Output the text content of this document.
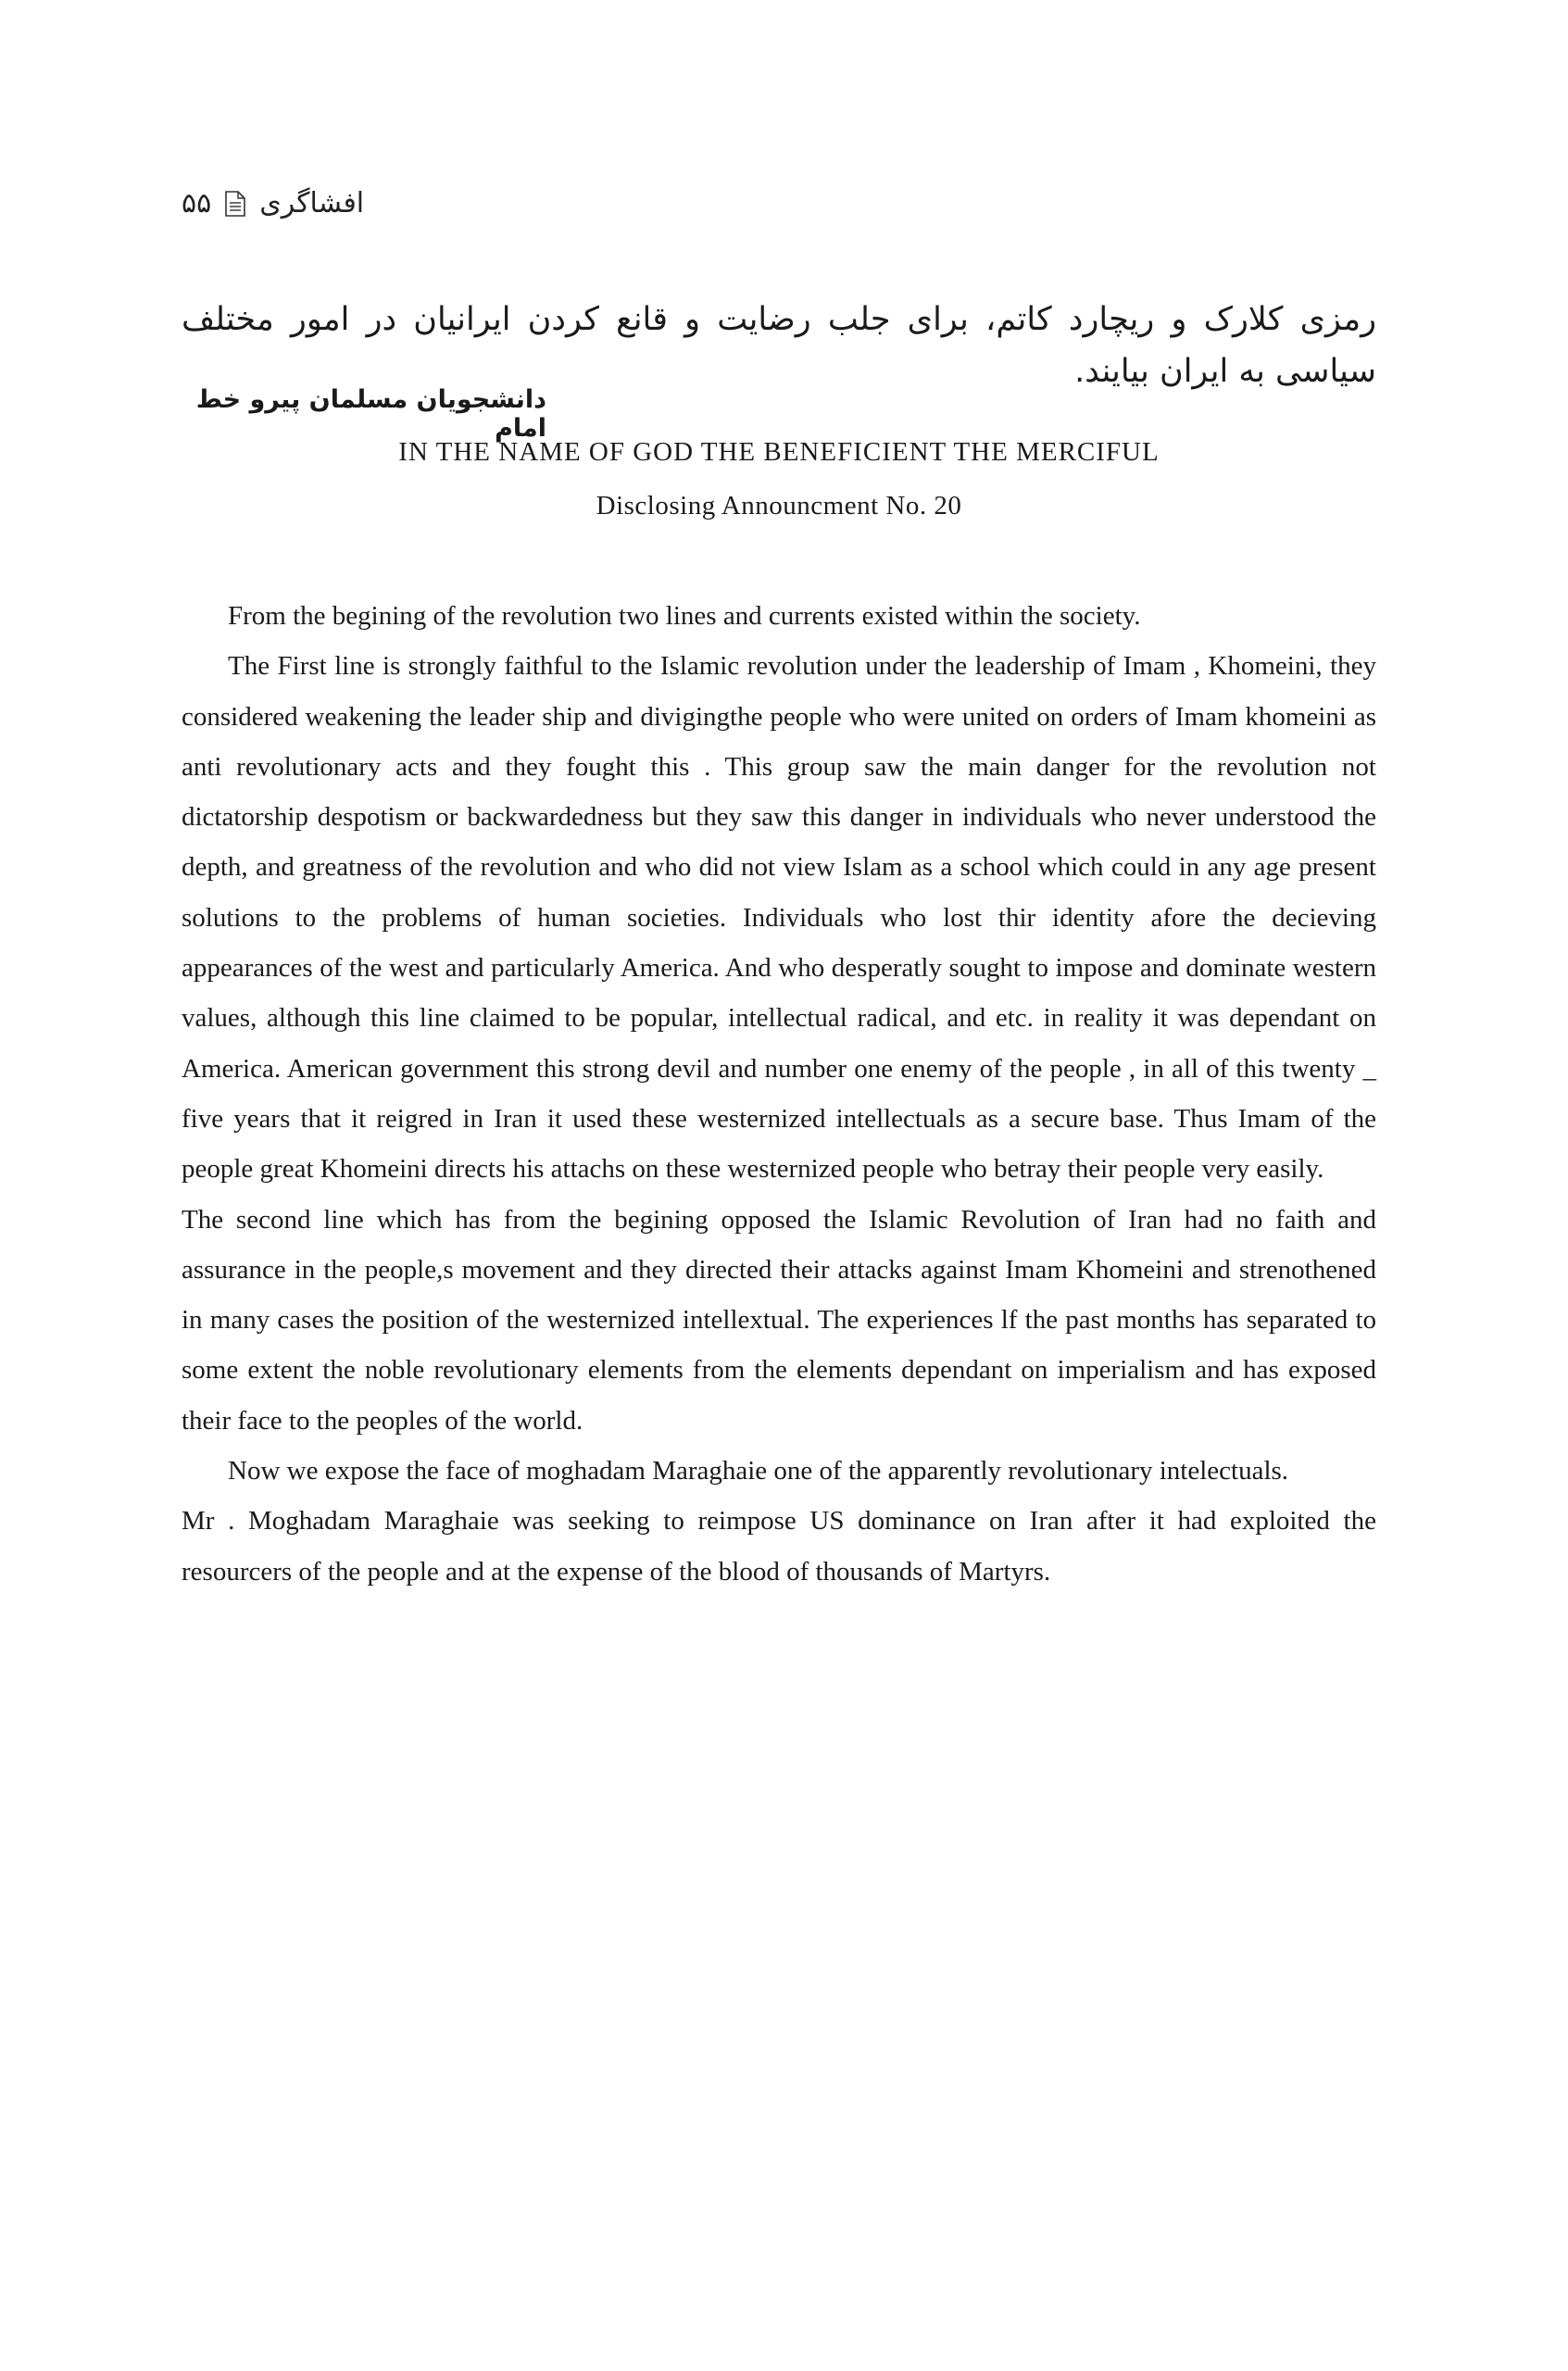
۵۵ افشاگری

رمزی کلارک و ریچارد کاتم، برای جلب رضایت و قانع کردن ایرانیان در امور مختلف سیاسی به ایران بیایند.

دانشجویان مسلمان پیرو خط امام
IN THE NAME OF GOD THE BENEFICIENT THE MERCIFUL
Disclosing Announcment No. 20

From the begining of the revolution two lines and currents existed within the society.

The First line is strongly faithful to the Islamic revolution under the leadership of Imam , Khomeini, they considered weakening the leader ship and divigingthe people who were united on orders of Imam khomeini as anti revolutionary acts and they fought this . This group saw the main danger for the revolution not dictatorship despotism or backwardedness but they saw this danger in individuals who never understood the depth, and greatness of the revolution and who did not view Islam as a school which could in any age present solutions to the problems of human societies. Individuals who lost thir identity afore the decieving appearances of the west and particularly America. And who desperatly sought to impose and dominate western values, although this line claimed to be popular, intellectual radical, and etc. in reality it was dependant on America. American government this strong devil and number one enemy of the people , in all of this twenty _ five years that it reigred in Iran it used these westernized intellectuals as a secure base. Thus Imam of the people great Khomeini directs his attachs on these westernized people who betray their people very easily.

The second line which has from the begining opposed the Islamic Revolution of Iran had no faith and assurance in the people,s movement and they directed their attacks against Imam Khomeini and strenothened in many cases the position of the westernized intellextual. The experiences lf the past months has separated to some extent the noble revolutionary elements from the elements dependant on imperialism and has exposed their face to the peoples of the world.

Now we expose the face of moghadam Maraghaie one of the apparently revolutionary intelectuals.

Mr . Moghadam Maraghaie was seeking to reimpose US dominance on Iran after it had exploited the resourcers of the people and at the expense of the blood of thousands of Martyrs.
